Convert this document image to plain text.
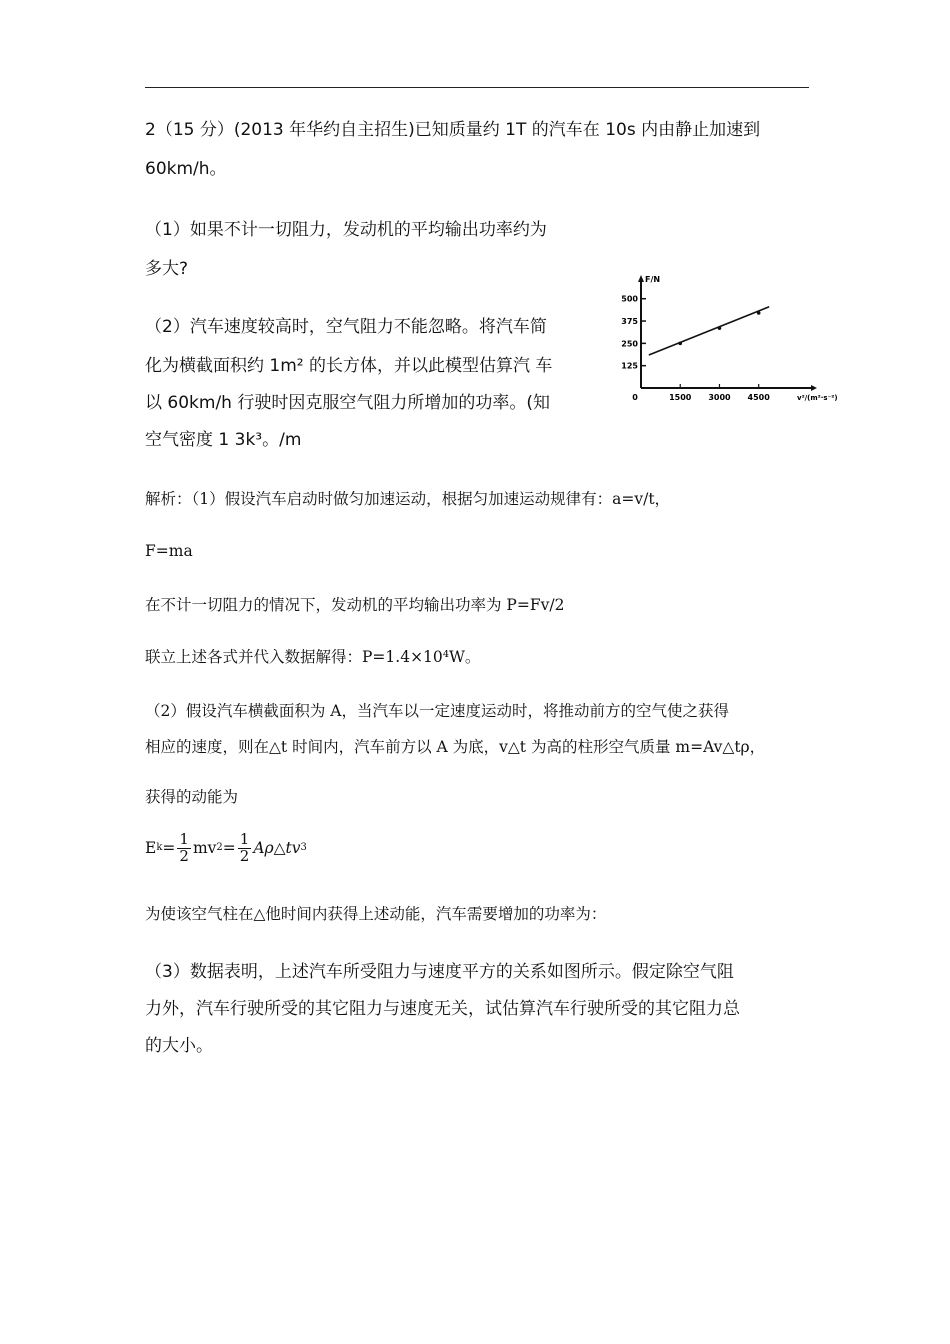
2（15 分）(2013 年华约自主招生)已知质量约 1T 的汽车在 10s 内由静止加速到
60km/h。
（1）如果不计一切阻力，发动机的平均输出功率约为
多大?
（2）汽车速度较高时，空气阻力不能忽略。将汽车简
化为横截面积约 1m² 的长方体，并以此模型估算汽 车
以 60km/h 行驶时因克服空气阻力所增加的功率。(知
空气密度 1 3k³。/m
F/N
v²/(m²·s⁻²)
500
375
250
125
0	1500 3000 4500
解析：（1）假设汽车启动时做匀加速运动，根据匀加速运动规律有：a=v/t，
F=ma
在不计一切阻力的情况下，发动机的平均输出功率为 P=Fv/2
联立上述各式并代入数据解得：P=1.4×10⁴W。
（2）假设汽车横截面积为 A，当汽车以一定速度运动时，将推动前方的空气使之获得
相应的速度，则在△t 时间内，汽车前方以 A 为底，v△t 为高的柱形空气质量 m=Av△tρ，
获得的动能为
E $k = \frac{1}{2}$ mv $2 = \frac{1}{2}$ Aρ△tv 3
为使该空气柱在△他时间内获得上述动能，汽车需要增加的功率为：
（3）数据表明，上述汽车所受阻力与速度平方的关系如图所示。假定除空气阻
力外，汽车行驶所受的其它阻力与速度无关，试估算汽车行驶所受的其它阻力总
的大小。
